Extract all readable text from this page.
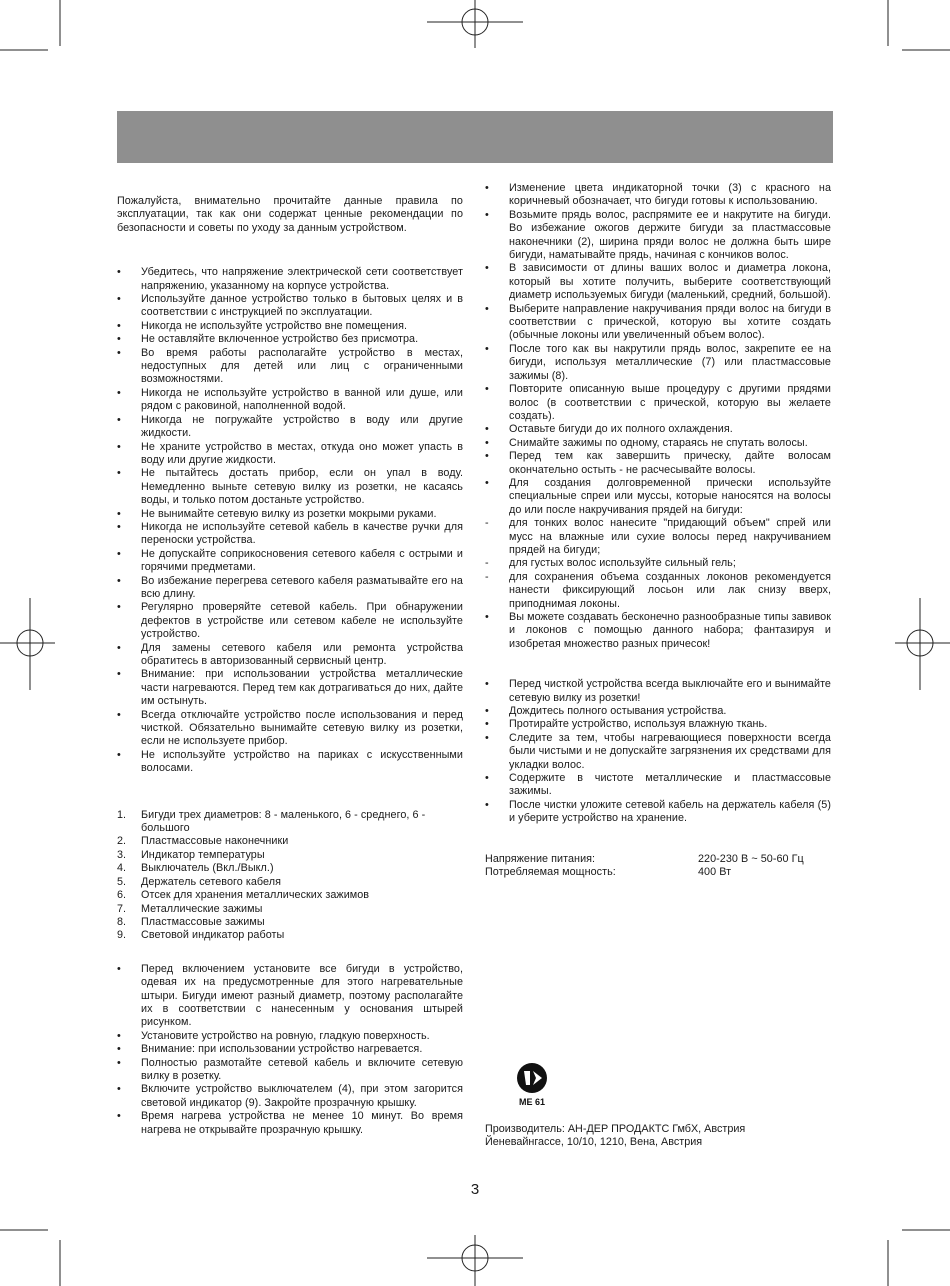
Пожалуйста, внимательно прочитайте данные правила по эксплуатации, так как они содержат ценные рекомендации по безопасности и советы по уходу за данным устройством.

•	Убедитесь, что напряжение электрической сети соответствует напряжению, указанному на корпусе устройства.
•	Используйте данное устройство только в бытовых целях и в соответствии с инструкцией по эксплуатации.
•	Никогда не используйте устройство вне помещения.
•	Не оставляйте включенное устройство без присмотра.
•	Во время работы располагайте устройство в местах, недоступных для детей или лиц с ограниченными возможностями.
•	Никогда не используйте устройство в ванной или душе, или рядом с раковиной, наполненной водой.
•	Никогда не погружайте устройство в воду или другие жидкости.
•	Не храните устройство в местах, откуда оно может упасть в воду или другие жидкости.
•	Не пытайтесь достать прибор, если он упал в воду. Немедленно выньте сетевую вилку из розетки, не касаясь воды, и только потом достаньте устройство.
•	Не вынимайте сетевую вилку из розетки мокрыми руками.
•	Никогда не используйте сетевой кабель в качестве ручки для переноски устройства.
•	Не допускайте соприкосновения сетевого кабеля с острыми и горячими предметами.
•	Во избежание перегрева сетевого кабеля разматывайте его на всю длину.
•	Регулярно проверяйте сетевой кабель. При обнаружении дефектов в устройстве или сетевом кабеле не используйте устройство.
•	Для замены сетевого кабеля или ремонта устройства обратитесь в авторизованный сервисный центр.
•	Внимание: при использовании устройства металлические части нагреваются. Перед тем как дотрагиваться до них, дайте им остынуть.
•	Всегда отключайте устройство после использования и перед чисткой. Обязательно вынимайте сетевую вилку из розетки, если не используете прибор.
•	Не используйте устройство на париках с искусственными волосами.
1.	Бигуди трех диаметров: 8 - маленького, 6 - среднего, 6 - большого
2.	Пластмассовые наконечники
3.	Индикатор температуры
4.	Выключатель (Вкл./Выкл.)
5.	Держатель сетевого кабеля
6.	Отсек для хранения металлических зажимов
7.	Металлические зажимы
8.	Пластмассовые зажимы
9.	Световой индикатор работы
•	Перед включением установите все бигуди в устройство, одевая их на предусмотренные для этого нагревательные штыри. Бигуди имеют разный диаметр, поэтому располагайте их в соответствии с нанесенным у основания штырей рисунком.
•	Установите устройство на ровную, гладкую поверхность.
•	Внимание: при использовании устройство нагревается.
•	Полностью размотайте сетевой кабель и включите сетевую вилку в розетку.
•	Включите устройство выключателем (4), при этом загорится световой индикатор (9). Закройте прозрачную крышку.
•	Время нагрева устройства не менее 10 минут. Во время нагрева не открывайте прозрачную крышку.
•	Изменение цвета индикаторной точки (3) с красного на коричневый обозначает, что бигуди готовы к использованию.
•	Возьмите прядь волос, распрямите ее и накрутите на бигуди. Во избежание ожогов держите бигуди за пластмассовые наконечники (2), ширина пряди волос не должна быть шире бигуди, наматывайте прядь, начиная с кончиков волос.
•	В зависимости от длины ваших волос и диаметра локона, который вы хотите получить, выберите соответствующий диаметр используемых бигуди (маленький, средний, большой).
•	Выберите направление накручивания пряди волос на бигуди в соответствии с прической, которую вы хотите создать (обычные локоны или увеличенный объем волос).
•	После того как вы накрутили прядь волос, закрепите ее на бигуди, используя металлические (7) или пластмассовые зажимы (8).
•	Повторите описанную выше процедуру с другими прядями волос (в соответствии с прической, которую вы желаете создать).
•	Оставьте бигуди до их полного охлаждения.
•	Снимайте зажимы по одному, стараясь не спутать волосы.
•	Перед тем как завершить прическу, дайте волосам окончательно остыть - не расчесывайте волосы.
•	Для создания долговременной прически используйте специальные спреи или муссы, которые наносятся на волосы до или после накручивания прядей на бигуди:
-	для тонких волос нанесите "придающий объем" спрей или мусс на влажные или сухие волосы перед накручиванием прядей на бигуди;
-	для густых волос используйте сильный гель;
-	для сохранения объема созданных локонов рекомендуется нанести фиксирующий лосьон или лак снизу вверх, приподнимая локоны.
•	Вы можете создавать бесконечно разнообразные типы завивок и локонов с помощью данного набора; фантазируя и изобретая множество разных причесок!
•	Перед чисткой устройства всегда выключайте его и вынимайте сетевую вилку из розетки!
•	Дождитесь полного остывания устройства.
•	Протирайте устройство, используя влажную ткань.
•	Следите за тем, чтобы нагревающиеся поверхности всегда были чистыми и не допускайте загрязнения их средствами для укладки волос.
•	Содержите в чистоте металлические и пластмассовые зажимы.
•	После чистки уложите сетевой кабель на держатель кабеля (5) и уберите устройство на хранение.
Напряжение питания:	220-230 В ~ 50-60 Гц
Потребляемая мощность:	400 Вт
МЕ 61
Производитель: АН-ДЕР ПРОДАКТС ГмбХ, Австрия
Йеневайнгассе, 10/10, 1210, Вена, Австрия
3
